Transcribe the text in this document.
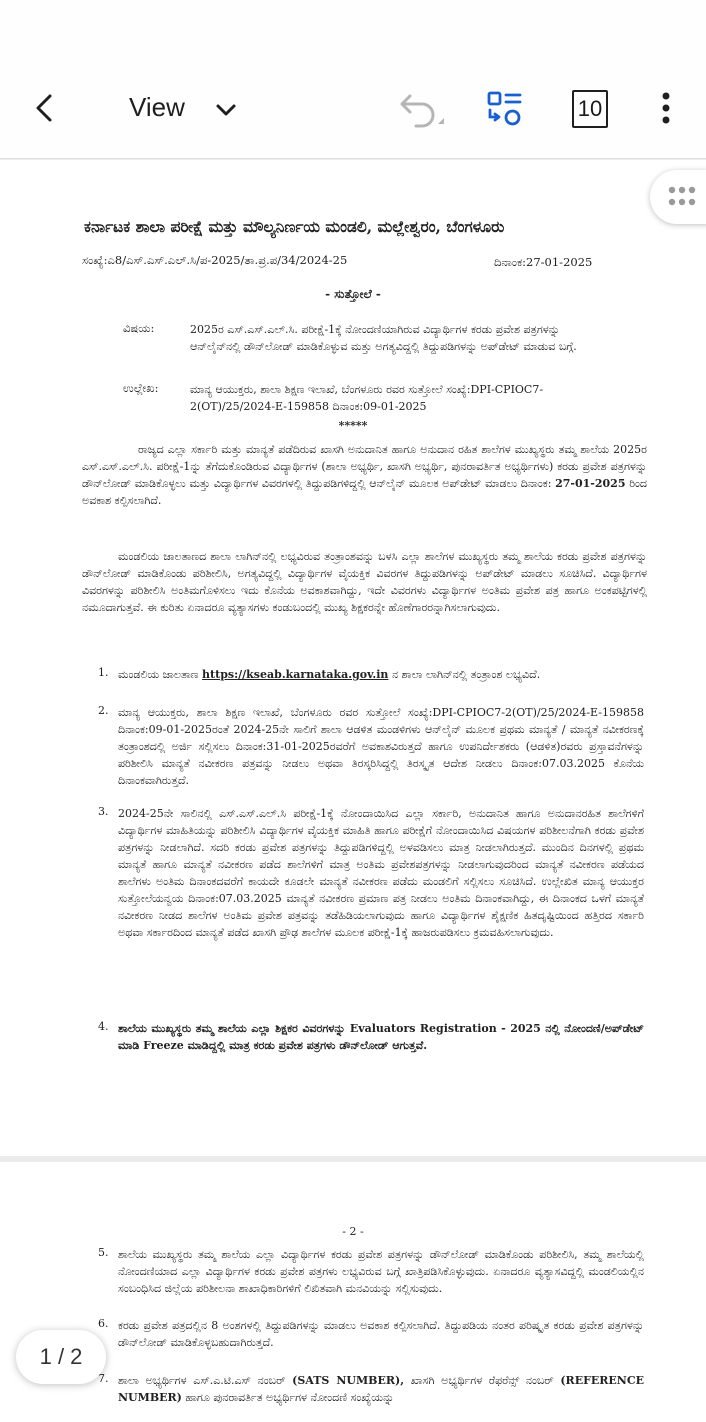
View	10
ಕರ್ನಾಟಕ ಶಾಲಾ ಪರೀಕ್ಷೆ ಮತ್ತು ಮೌಲ್ಯನಿರ್ಣಯ ಮಂಡಲಿ, ಮಲ್ಲೇಶ್ವರಂ, ಬೆಂಗಳೂರು
ಸಂಖ್ಯೆ:ಎ8/ಎಸ್.ಎಸ್.ಎಲ್.ಸಿ/ಪ-2025/ತಾ.ಪ್ರ.ಪ/34/2024-25	ದಿನಾಂಕ:27-01-2025
- ಸುತ್ತೋಲೆ -
ವಿಷಯ:	2025ರ ಎಸ್.ಎಸ್.ಎಲ್.ಸಿ. ಪರೀಕ್ಷೆ-1ಕ್ಕೆ ನೋಂದಣಿಯಾಗಿರುವ ವಿದ್ಯಾರ್ಥಿಗಳ ಕರಡು ಪ್ರವೇಶ ಪತ್ರಗಳನ್ನು ಆನ್‌ಲೈನ್‌ನಲ್ಲಿ ಡೌನ್‌ಲೋಡ್ ಮಾಡಿಕೊಳ್ಳುವ ಮತ್ತು ಅಗತ್ಯವಿದ್ದಲ್ಲಿ ತಿದ್ದುಪಡಿಗಳನ್ನು ಅಪ್‌ಡೇಟ್ ಮಾಡುವ ಬಗ್ಗೆ.
ಉಲ್ಲೇಖ:	ಮಾನ್ಯ ಆಯುಕ್ತರು, ಶಾಲಾ ಶಿಕ್ಷಣ ಇಲಾಖೆ, ಬೆಂಗಳೂರು ರವರ ಸುತ್ತೋಲೆ ಸಂಖ್ಯೆ:DPI-CPIOC7-2(OT)/25/2024-E-159858 ದಿನಾಂಕ:09-01-2025
*****
ರಾಜ್ಯದ ಎಲ್ಲಾ ಸರ್ಕಾರಿ ಮತ್ತು ಮಾನ್ಯತೆ ಪಡೆದಿರುವ ಖಾಸಗಿ ಅನುದಾನಿತ ಹಾಗೂ ಅನುದಾನ ರಹಿತ ಶಾಲೆಗಳ ಮುಖ್ಯಸ್ಥರು ತಮ್ಮ ಶಾಲೆಯ 2025ರ ಎಸ್.ಎಸ್.ಎಲ್.ಸಿ. ಪರೀಕ್ಷೆ-1ನ್ನು ತೆಗೆದುಕೊಂಡಿರುವ ವಿದ್ಯಾರ್ಥಿಗಳ (ಶಾಲಾ ಅಭ್ಯರ್ಥಿ, ಖಾಸಗಿ ಅಭ್ಯರ್ಥಿ, ಪುನರಾವರ್ತಿತ ಅಭ್ಯರ್ಥಿಗಳು) ಕರಡು ಪ್ರವೇಶ ಪತ್ರಗಳನ್ನು ಡೌನ್‌ಲೋಡ್ ಮಾಡಿಕೊಳ್ಳಲು ಮತ್ತು ವಿದ್ಯಾರ್ಥಿಗಳ ವಿವರಗಳಲ್ಲಿ ತಿದ್ದುಪಡಿಗಳಿದ್ದಲ್ಲಿ ಆನ್‌ಲೈನ್ ಮೂಲಕ ಅಪ್‌ಡೇಟ್ ಮಾಡಲು ದಿನಾಂಕ: 27-01-2025 ರಿಂದ ಅವಕಾಶ ಕಲ್ಪಿಸಲಾಗಿದೆ.
ಮಂಡಲಿಯ ಜಾಲತಾಣದ ಶಾಲಾ ಲಾಗಿನ್‌ನಲ್ಲಿ ಲಭ್ಯವಿರುವ ತಂತ್ರಾಂಶವನ್ನು ಬಳಸಿ ಎಲ್ಲಾ ಶಾಲೆಗಳ ಮುಖ್ಯಸ್ಥರು ತಮ್ಮ ಶಾಲೆಯ ಕರಡು ಪ್ರವೇಶ ಪತ್ರಗಳನ್ನು ಡೌನ್‌ಲೋಡ್ ಮಾಡಿಕೊಂಡು ಪರಿಶೀಲಿಸಿ, ಅಗತ್ಯವಿದ್ದಲ್ಲಿ ವಿದ್ಯಾರ್ಥಿಗಳ ವೈಯಕ್ತಿಕ ವಿವರಗಳ ತಿದ್ದುಪಡಿಗಳನ್ನು ಅಪ್‌ಡೇಟ್ ಮಾಡಲು ಸೂಚಿಸಿದೆ. ವಿದ್ಯಾರ್ಥಿಗಳ ವಿವರಗಳನ್ನು ಪರಿಶೀಲಿಸಿ ಅಂತಿಮಗೊಳಿಸಲು ಇದು ಕೊನೆಯ ಅವಕಾಶವಾಗಿದ್ದು, ಇದೇ ವಿವರಗಳು ವಿದ್ಯಾರ್ಥಿಗಳ ಅಂತಿಮ ಪ್ರವೇಶ ಪತ್ರ ಹಾಗೂ ಅಂಕಪಟ್ಟಿಗಳಲ್ಲಿ ನಮೂದಾಗುತ್ತವೆ. ಈ ಕುರಿತು ಏನಾದರೂ ವ್ಯತ್ಯಾಸಗಳು ಕಂಡುಬಂದಲ್ಲಿ ಮುಖ್ಯ ಶಿಕ್ಷಕರನ್ನೇ ಹೊಣೆಗಾರರನ್ನಾಗಿಸಲಾಗುವುದು.
1. ಮಂಡಲಿಯ ಜಾಲತಾಣ https://kseab.karnataka.gov.in ನ ಶಾಲಾ ಲಾಗಿನ್‌ನಲ್ಲಿ ತಂತ್ರಾಂಶ ಲಭ್ಯವಿದೆ.
2. ಮಾನ್ಯ ಆಯುಕ್ತರು, ಶಾಲಾ ಶಿಕ್ಷಣ ಇಲಾಖೆ, ಬೆಂಗಳೂರು ರವರ ಸುತ್ತೋಲೆ ಸಂಖ್ಯೆ:DPI-CPIOC7-2(OT)/25/2024-E-159858 ದಿನಾಂಕ:09-01-2025ರಂತೆ 2024-25ನೇ ಸಾಲಿಗೆ ಶಾಲಾ ಆಡಳಿತ ಮಂಡಳಿಗಳು ಆನ್‌ಲೈನ್ ಮೂಲಕ ಪ್ರಥಮ ಮಾನ್ಯತೆ / ಮಾನ್ಯತೆ ನವೀಕರಣಕ್ಕೆ ತಂತ್ರಾಂಶದಲ್ಲಿ ಅರ್ಜಿ ಸಲ್ಲಿಸಲು ದಿನಾಂಕ:31-01-2025ರವರೆಗೆ ಅವಕಾಶವಿರುತ್ತದೆ ಹಾಗೂ ಉಪನಿರ್ದೇಶಕರು (ಆಡಳಿತ)ರವರು ಪ್ರಸ್ತಾವನೆಗಳನ್ನು ಪರಿಶೀಲಿಸಿ ಮಾನ್ಯತೆ ನವೀಕರಣ ಪತ್ರವನ್ನು ನೀಡಲು ಅಥವಾ ತಿರಸ್ಕರಿಸಿದ್ದಲ್ಲಿ ತಿರಸ್ಕೃತ ಆದೇಶ ನೀಡಲು ದಿನಾಂಕ:07.03.2025 ಕೊನೆಯ ದಿನಾಂಕವಾಗಿರುತ್ತದೆ.
3. 2024-25ನೇ ಸಾಲಿನಲ್ಲಿ ಎಸ್.ಎಸ್.ಎಲ್.ಸಿ ಪರೀಕ್ಷೆ-1ಕ್ಕೆ ನೋಂದಾಯಿಸಿದ ಎಲ್ಲಾ ಸರ್ಕಾರಿ, ಅನುದಾನಿತ ಹಾಗೂ ಅನುದಾನರಹಿತ ಶಾಲೆಗಳಿಗೆ ವಿದ್ಯಾರ್ಥಿಗಳ ಮಾಹಿತಿಯನ್ನು ಪರಿಶೀಲಿಸಿ ವಿದ್ಯಾರ್ಥಿಗಳ ವೈಯಕ್ತಿಕ ಮಾಹಿತಿ ಹಾಗೂ ಪರೀಕ್ಷೆಗೆ ನೋಂದಾಯಿಸಿದ ವಿಷಯಗಳ ಪರಿಶೀಲನೆಗಾಗಿ ಕರಡು ಪ್ರವೇಶ ಪತ್ರಗಳನ್ನು ನೀಡಲಾಗಿದೆ. ಸದರಿ ಕರಡು ಪ್ರವೇಶ ಪತ್ರಗಳನ್ನು ತಿದ್ದುಪಡಿಗಳಿದ್ದಲ್ಲಿ ಅಳವಡಿಸಲು ಮಾತ್ರ ನೀಡಲಾಗಿರುತ್ತದೆ. ಮುಂದಿನ ದಿನಗಳಲ್ಲಿ ಪ್ರಥಮ ಮಾನ್ಯತೆ ಹಾಗೂ ಮಾನ್ಯತೆ ನವೀಕರಣ ಪಡೆದ ಶಾಲೆಗಳಿಗೆ ಮಾತ್ರ ಅಂತಿಮ ಪ್ರವೇಶಪತ್ರಗಳನ್ನು ನೀಡಲಾಗುವುದರಿಂದ ಮಾನ್ಯತೆ ನವೀಕರಣ ಪಡೆಯದ ಶಾಲೆಗಳು ಅಂತಿಮ ದಿನಾಂಕದವರೆಗೆ ಕಾಯದೇ ಕೂಡಲೇ ಮಾನ್ಯತೆ ನವೀಕರಣ ಪಡೆದು ಮಂಡಲಿಗೆ ಸಲ್ಲಿಸಲು ಸೂಚಿಸಿದೆ. ಉಲ್ಲೇಖಿತ ಮಾನ್ಯ ಆಯುಕ್ತರ ಸುತ್ತೋಲೆಯನ್ವಯ ದಿನಾಂಕ:07.03.2025 ಮಾನ್ಯತೆ ನವೀಕರಣ ಪ್ರಮಾಣ ಪತ್ರ ನೀಡಲು ಅಂತಿಮ ದಿನಾಂಕವಾಗಿದ್ದು, ಈ ದಿನಾಂಕದ ಒಳಗೆ ಮಾನ್ಯತೆ ನವೀಕರಣ ನೀಡದ ಶಾಲೆಗಳ ಅಂತಿಮ ಪ್ರವೇಶ ಪತ್ರವನ್ನು ತಡೆಹಿಡಿಯಲಾಗುವುದು ಹಾಗೂ ವಿದ್ಯಾರ್ಥಿಗಳ ಶೈಕ್ಷಣಿಕ ಹಿತದೃಷ್ಟಿಯಿಂದ ಹತ್ತಿರದ ಸರ್ಕಾರಿ ಅಥವಾ ಸರ್ಕಾರದಿಂದ ಮಾನ್ಯತೆ ಪಡೆದ ಖಾಸಗಿ ಪ್ರೌಢ ಶಾಲೆಗಳ ಮೂಲಕ ಪರೀಕ್ಷೆ-1ಕ್ಕೆ ಹಾಜರುಪಡಿಸಲು ಕ್ರಮವಹಿಸಲಾಗುವುದು.
4. ಶಾಲೆಯ ಮುಖ್ಯಸ್ಥರು ತಮ್ಮ ಶಾಲೆಯ ಎಲ್ಲಾ ಶಿಕ್ಷಕರ ವಿವರಗಳನ್ನು Evaluators Registration - 2025 ನಲ್ಲಿ ನೋಂದಣಿ/ಅಪ್‌ಡೇಟ್ ಮಾಡಿ Freeze ಮಾಡಿದ್ದಲ್ಲಿ ಮಾತ್ರ ಕರಡು ಪ್ರವೇಶ ಪತ್ರಗಳು ಡೌನ್‌ಲೋಡ್ ಆಗುತ್ತವೆ.
- 2 -
5. ಶಾಲೆಯ ಮುಖ್ಯಸ್ಥರು ತಮ್ಮ ಶಾಲೆಯ ಎಲ್ಲಾ ವಿದ್ಯಾರ್ಥಿಗಳ ಕರಡು ಪ್ರವೇಶ ಪತ್ರಗಳನ್ನು ಡೌನ್‌ಲೋಡ್ ಮಾಡಿಕೊಂಡು ಪರಿಶೀಲಿಸಿ, ತಮ್ಮ ಶಾಲೆಯಲ್ಲಿ ನೋಂದಣಿಯಾದ ಎಲ್ಲಾ ವಿದ್ಯಾರ್ಥಿಗಳ ಕರಡು ಪ್ರವೇಶ ಪತ್ರಗಳು ಲಭ್ಯವಿರುವ ಬಗ್ಗೆ ಖಾತ್ರಿಪಡಿಸಿಕೊಳ್ಳುವುದು. ಏನಾದರೂ ವ್ಯತ್ಯಾಸವಿದ್ದಲ್ಲಿ ಮಂಡಲಿಯಲ್ಲಿನ ಸಂಬಂಧಿಸಿದ ಜಿಲ್ಲೆಯ ಪರಿಶೀಲನಾ ಶಾಖಾಧಿಕಾರಿಗಳಿಗೆ ಲಿಖಿತವಾಗಿ ಮನವಿಯನ್ನು ಸಲ್ಲಿಸುವುದು.
6. ಕರಡು ಪ್ರವೇಶ ಪತ್ರದಲ್ಲಿನ 8 ಅಂಶಗಳಲ್ಲಿ ತಿದ್ದುಪಡಿಗಳನ್ನು ಮಾಡಲು ಅವಕಾಶ ಕಲ್ಪಿಸಲಾಗಿದೆ. ತಿದ್ದುಪಡಿಯ ನಂತರ ಪರಿಷ್ಕೃತ ಕರಡು ಪ್ರವೇಶ ಪತ್ರಗಳನ್ನು ಡೌನ್‌ಲೋಡ್ ಮಾಡಿಕೊಳ್ಳಬಹುದಾಗಿರುತ್ತದೆ.
7. ಶಾಲಾ ಅಭ್ಯರ್ಥಿಗಳ ಎಸ್.ಎ.ಟಿ.ಎಸ್ ನಂಬರ್ (SATS NUMBER), ಖಾಸಗಿ ಅಭ್ಯರ್ಥಿಗಳ ರೆಫರೆನ್ಸ್ ನಂಬರ್ (REFERENCE NUMBER) ಹಾಗೂ ಪುನರಾವರ್ತಿತ ಅಭ್ಯರ್ಥಿಗಳ ನೋಂದಣಿ ಸಂಖ್ಯೆಯನ್ನು
1 / 2
